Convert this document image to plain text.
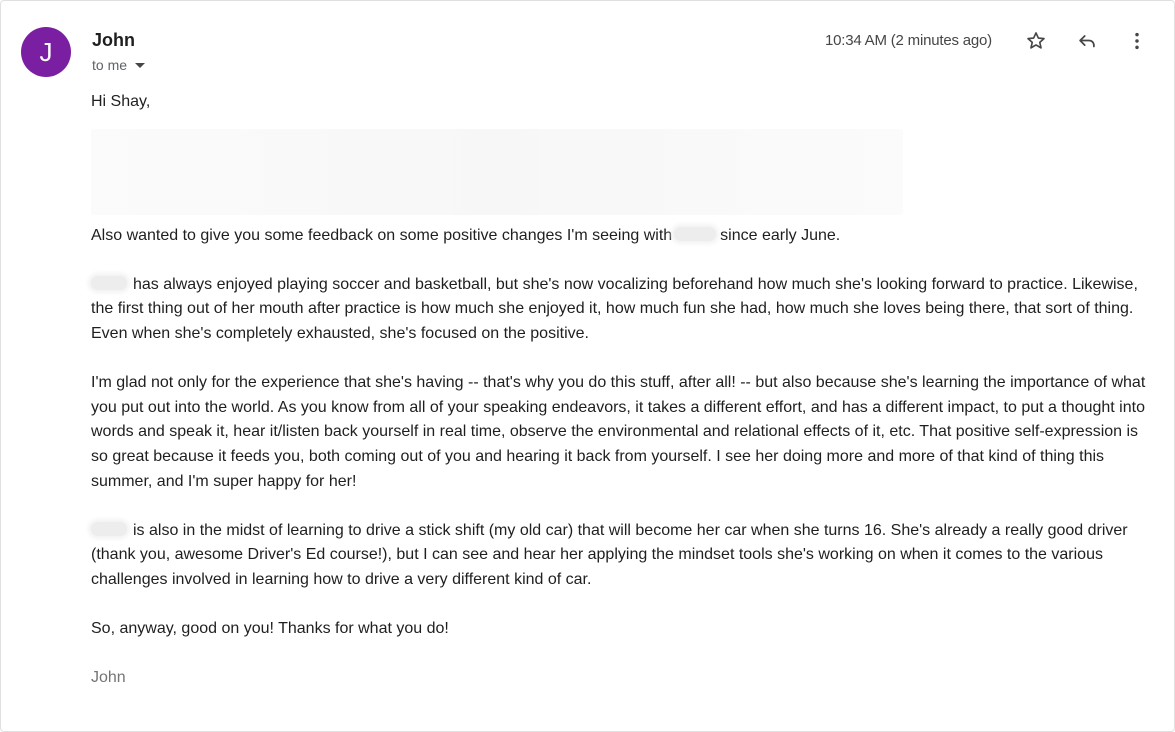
J	John
to me
10:34 AM (2 minutes ago)

Hi Shay,

Also wanted to give you some feedback on some positive changes I'm seeing with	since early June.

has always enjoyed playing soccer and basketball, but she's now vocalizing beforehand how much she's looking forward to practice. Likewise, the first thing out of her mouth after practice is how much she enjoyed it, how much fun she had, how much she loves being there, that sort of thing. Even when she's completely exhausted, she's focused on the positive.

I'm glad not only for the experience that she's having -- that's why you do this stuff, after all! -- but also because she's learning the importance of what you put out into the world. As you know from all of your speaking endeavors, it takes a different effort, and has a different impact, to put a thought into words and speak it, hear it/listen back yourself in real time, observe the environmental and relational effects of it, etc. That positive self-expression is so great because it feeds you, both coming out of you and hearing it back from yourself. I see her doing more and more of that kind of thing this summer, and I'm super happy for her!

is also in the midst of learning to drive a stick shift (my old car) that will become her car when she turns 16. She's already a really good driver (thank you, awesome Driver's Ed course!), but I can see and hear her applying the mindset tools she's working on when it comes to the various challenges involved in learning how to drive a very different kind of car.

So, anyway, good on you! Thanks for what you do!

John
